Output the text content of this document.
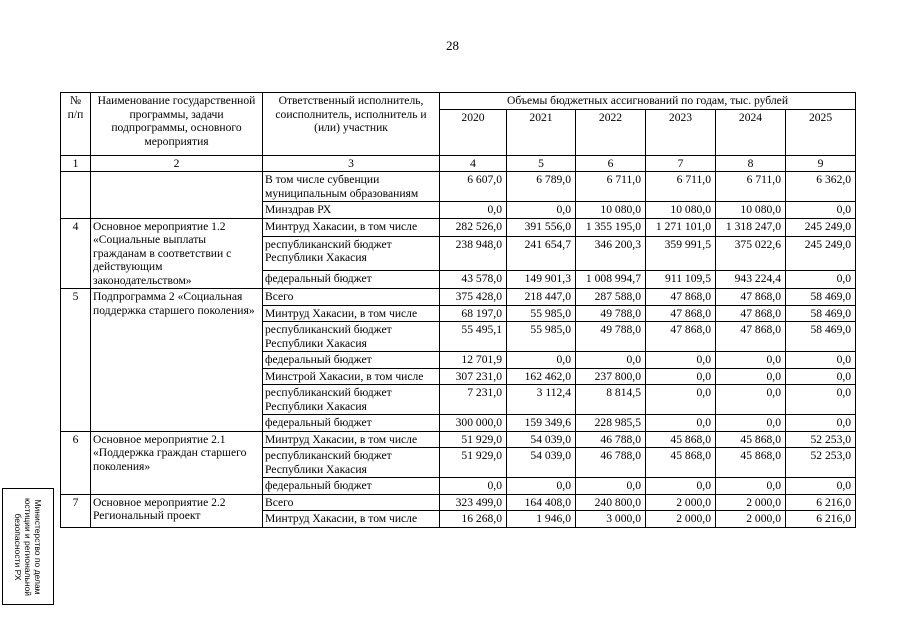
28
№
п/п	Наименование государственной программы, задачи подпрограммы, основного мероприятия	Ответственный исполнитель, соисполнитель, исполнитель и (или) участник	Объемы бюджетных ассигнований по годам, тыс. рублей					
			2020	2021	2022	2023	2024	2025
1	2	3	4	5	6	7	8	9
		В том числе субвенции муниципальным образованиям	6 607,0	6 789,0	6 711,0	6 711,0	6 711,0	6 362,0
		Минздрав РХ	0,0	0,0	10 080,0	10 080,0	10 080,0	0,0
4	Основное мероприятие 1.2 «Социальные выплаты гражданам в соответствии с действующим законодательством»	Минтруд Хакасии, в том числе	282 526,0	391 556,0	1 355 195,0	1 271 101,0	1 318 247,0	245 249,0
		республиканский бюджет Республики Хакасия	238 948,0	241 654,7	346 200,3	359 991,5	375 022,6	245 249,0
		федеральный бюджет	43 578,0	149 901,3	1 008 994,7	911 109,5	943 224,4	0,0
5	Подпрограмма 2 «Социальная поддержка старшего поколения»	Всего	375 428,0	218 447,0	287 588,0	47 868,0	47 868,0	58 469,0
		Минтруд Хакасии, в том числе	68 197,0	55 985,0	49 788,0	47 868,0	47 868,0	58 469,0
		республиканский бюджет Республики Хакасия	55 495,1	55 985,0	49 788,0	47 868,0	47 868,0	58 469,0
		федеральный бюджет	12 701,9	0,0	0,0	0,0	0,0	0,0
		Минстрой Хакасии, в том числе	307 231,0	162 462,0	237 800,0	0,0	0,0	0,0
		республиканский бюджет Республики Хакасия	7 231,0	3 112,4	8 814,5	0,0	0,0	0,0
		федеральный бюджет	300 000,0	159 349,6	228 985,5	0,0	0,0	0,0
6	Основное мероприятие 2.1 «Поддержка граждан старшего поколения»	Минтруд Хакасии, в том числе	51 929,0	54 039,0	46 788,0	45 868,0	45 868,0	52 253,0
		республиканский бюджет Республики Хакасия	51 929,0	54 039,0	46 788,0	45 868,0	45 868,0	52 253,0
		федеральный бюджет	0,0	0,0	0,0	0,0	0,0	0,0
7	Основное мероприятие 2.2 Региональный проект	Всего	323 499,0	164 408,0	240 800,0	2 000,0	2 000,0	6 216,0
		Минтруд Хакасии, в том числе	16 268,0	1 946,0	3 000,0	2 000,0	2 000,0	6 216,0
Министерство по делам юстиции и региональной безопасности РХ
